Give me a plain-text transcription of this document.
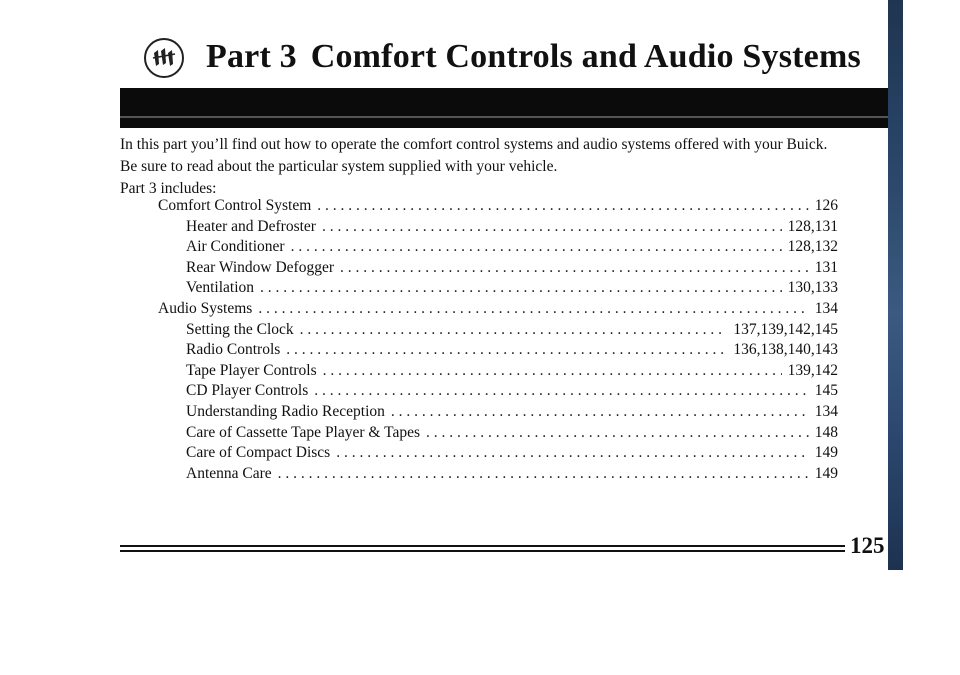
Part 3 Comfort Controls and Audio Systems

In this part you’ll find out how to operate the comfort control systems and audio systems offered with your Buick.

Be sure to read about the particular system supplied with your vehicle.

Part 3 includes:
Comfort Control System . . .	126
Heater and Defroster . . .	128,131
Air Conditioner . . .	128,132
Rear Window Defogger . . .	131
Ventilation . . .	130,133
Audio Systems . . .	134
Setting the Clock . . .	137,139,142,145
Radio Controls . . .	136,138,140,143
Tape Player Controls . . .	139,142
CD Player Controls . . .	145
Understanding Radio Reception . . .	134
Care of Cassette Tape Player & Tapes . . .	148
Care of Compact Discs . . .	149
Antenna Care . . .	149
125
